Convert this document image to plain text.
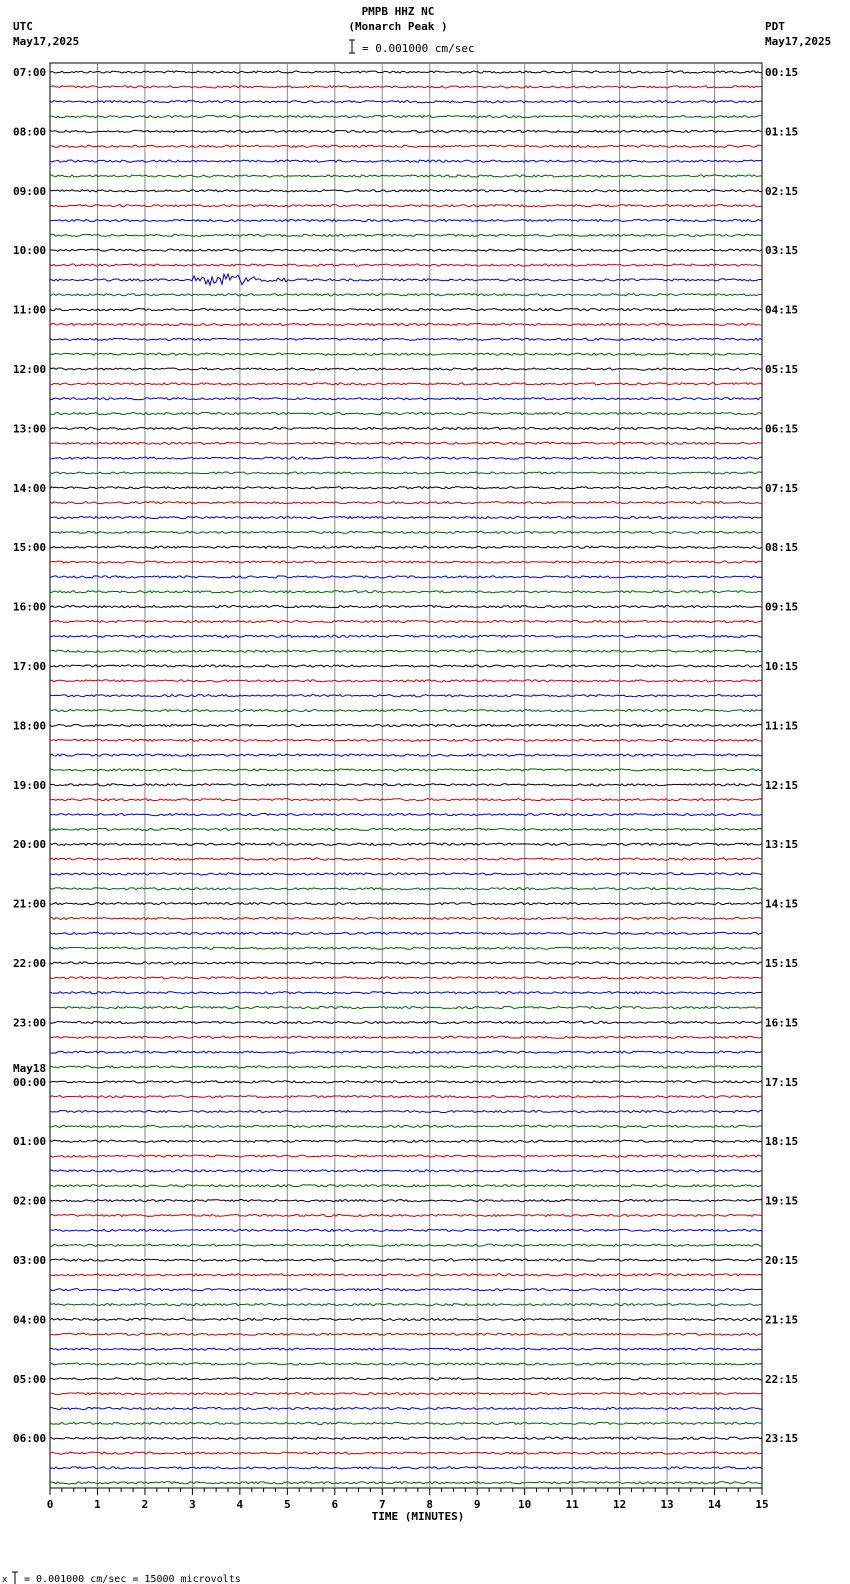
PMPB HHZ NC
(Monarch Peak )
= 0.001000 cm/sec
UTC
May17,2025
PDT
May17,2025
07:00	00:15
08:00	01:15
09:00	02:15
10:00	03:15
11:00	04:15
12:00	05:15
13:00	06:15
14:00	07:15
15:00	08:15
16:00	09:15
17:00	10:15
18:00	11:15
19:00	12:15
20:00	13:15
21:00	14:15
22:00	15:15
23:00	16:15
00:00	17:15
01:00	18:15
02:00	19:15
03:00	20:15
04:00	21:15
05:00	22:15
06:00	23:15
May18
0	1	2	3	4	5	6	7	8	9	10	11	12	13	14	15
TIME (MINUTES)
x = 0.001000 cm/sec = 15000 microvolts
